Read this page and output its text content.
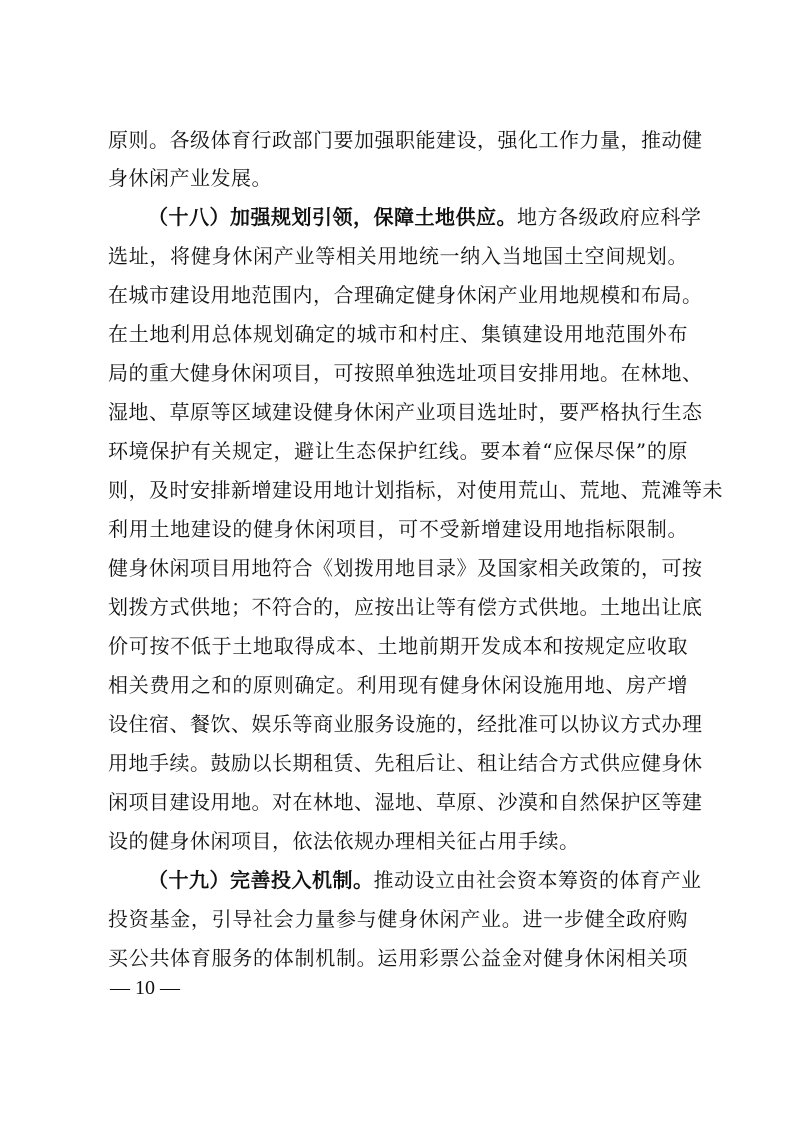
原则。各级体育行政部门要加强职能建设，强化工作力量，推动健
身休闲产业发展。
（十八）加强规划引领，保障土地供应。地方各级政府应科学
选址，将健身休闲产业等相关用地统一纳入当地国土空间规划。
在城市建设用地范围内，合理确定健身休闲产业用地规模和布局。
在土地利用总体规划确定的城市和村庄、集镇建设用地范围外布
局的重大健身休闲项目，可按照单独选址项目安排用地。在林地、
湿地、草原等区域建设健身休闲产业项目选址时，要严格执行生态
环境保护有关规定，避让生态保护红线。要本着“应保尽保”的原
则，及时安排新增建设用地计划指标，对使用荒山、荒地、荒滩等未
利用土地建设的健身休闲项目，可不受新增建设用地指标限制。
健身休闲项目用地符合《划拨用地目录》及国家相关政策的，可按
划拨方式供地；不符合的，应按出让等有偿方式供地。土地出让底
价可按不低于土地取得成本、土地前期开发成本和按规定应收取
相关费用之和的原则确定。利用现有健身休闲设施用地、房产增
设住宿、餐饮、娱乐等商业服务设施的，经批准可以协议方式办理
用地手续。鼓励以长期租赁、先租后让、租让结合方式供应健身休
闲项目建设用地。对在林地、湿地、草原、沙漠和自然保护区等建
设的健身休闲项目，依法依规办理相关征占用手续。
（十九）完善投入机制。推动设立由社会资本筹资的体育产业
投资基金，引导社会力量参与健身休闲产业。进一步健全政府购
买公共体育服务的体制机制。运用彩票公益金对健身休闲相关项
— 10 —
